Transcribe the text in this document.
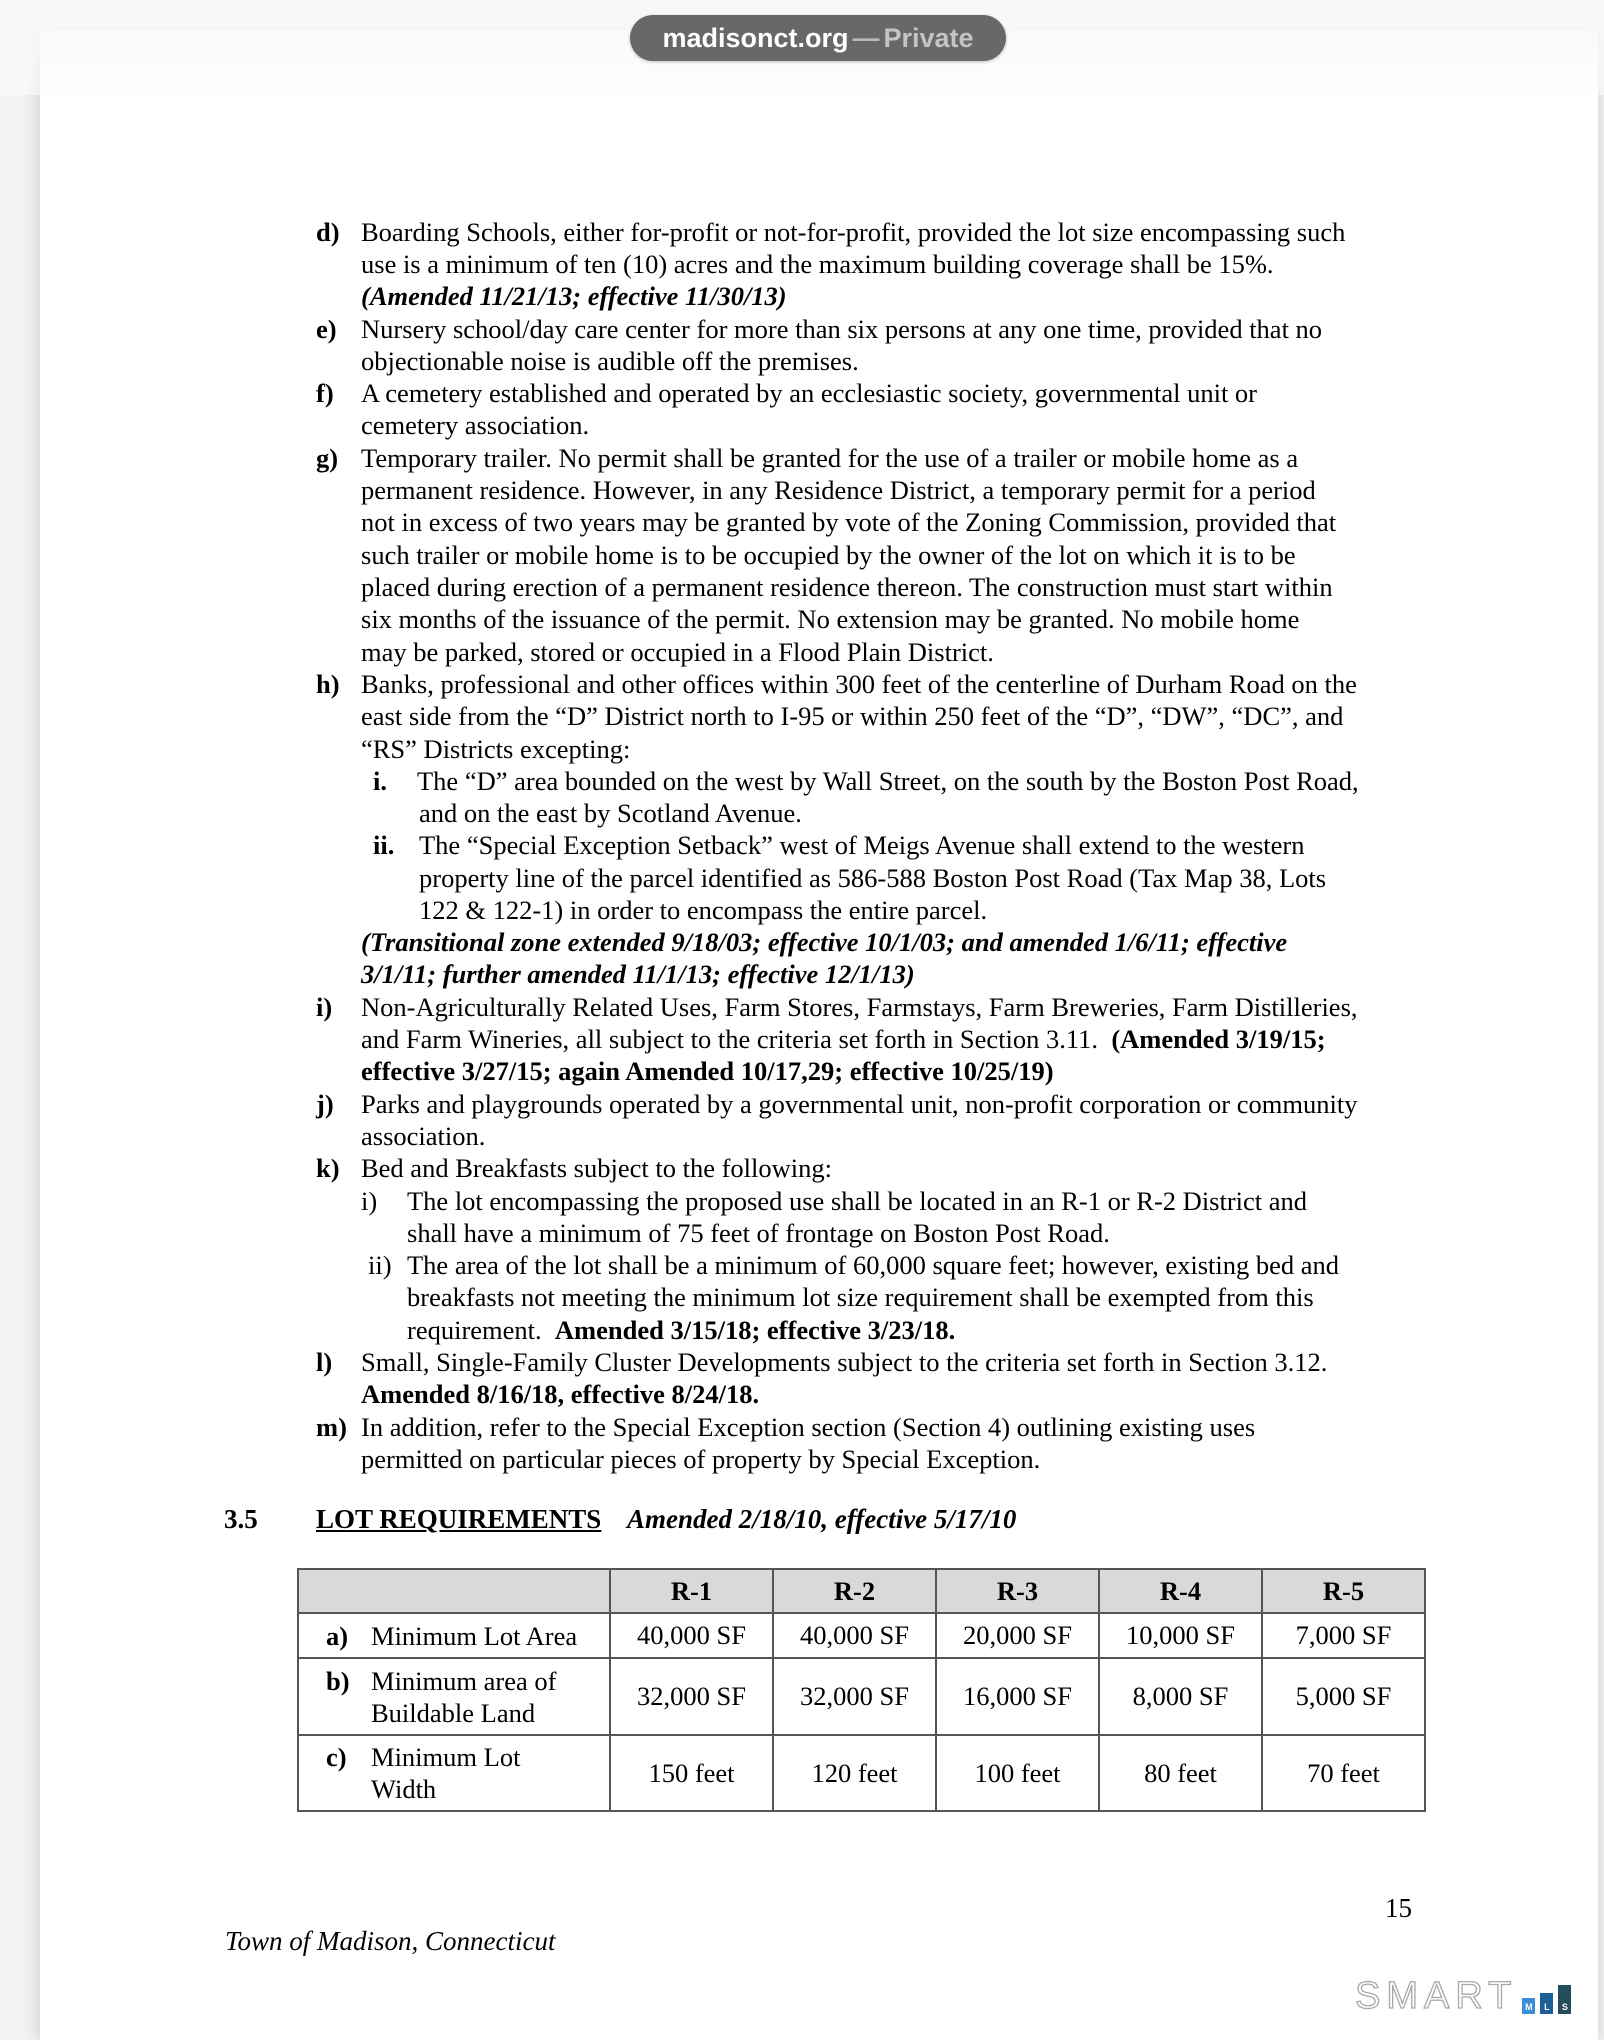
madisonct.org — Private
d) Boarding Schools, either for-profit or not-for-profit, provided the lot size encompassing such
use is a minimum of ten (10) acres and the maximum building coverage shall be 15%.
(Amended 11/21/13; effective 11/30/13)
e) Nursery school/day care center for more than six persons at any one time, provided that no
objectionable noise is audible off the premises.
f) A cemetery established and operated by an ecclesiastic society, governmental unit or
cemetery association.
g) Temporary trailer. No permit shall be granted for the use of a trailer or mobile home as a
permanent residence. However, in any Residence District, a temporary permit for a period
not in excess of two years may be granted by vote of the Zoning Commission, provided that
such trailer or mobile home is to be occupied by the owner of the lot on which it is to be
placed during erection of a permanent residence thereon. The construction must start within
six months of the issuance of the permit. No extension may be granted. No mobile home
may be parked, stored or occupied in a Flood Plain District.
h) Banks, professional and other offices within 300 feet of the centerline of Durham Road on the
east side from the “D” District north to I-95 or within 250 feet of the “D”, “DW”, “DC”, and
“RS” Districts excepting:
i. The “D” area bounded on the west by Wall Street, on the south by the Boston Post Road,
and on the east by Scotland Avenue.
ii. The “Special Exception Setback” west of Meigs Avenue shall extend to the western
property line of the parcel identified as 586-588 Boston Post Road (Tax Map 38, Lots
122 & 122-1) in order to encompass the entire parcel.
(Transitional zone extended 9/18/03; effective 10/1/03; and amended 1/6/11; effective
3/1/11; further amended 11/1/13; effective 12/1/13)
i) Non-Agriculturally Related Uses, Farm Stores, Farmstays, Farm Breweries, Farm Distilleries,
and Farm Wineries, all subject to the criteria set forth in Section 3.11.  (Amended 3/19/15;
effective 3/27/15; again Amended 10/17,29; effective 10/25/19)
j) Parks and playgrounds operated by a governmental unit, non-profit corporation or community
association.
k) Bed and Breakfasts subject to the following:
i) The lot encompassing the proposed use shall be located in an R-1 or R-2 District and
shall have a minimum of 75 feet of frontage on Boston Post Road.
ii) The area of the lot shall be a minimum of 60,000 square feet; however, existing bed and
breakfasts not meeting the minimum lot size requirement shall be exempted from this
requirement.  Amended 3/15/18; effective 3/23/18.
l) Small, Single-Family Cluster Developments subject to the criteria set forth in Section 3.12.
Amended 8/16/18, effective 8/24/18.
m) In addition, refer to the Special Exception section (Section 4) outlining existing uses
permitted on particular pieces of property by Special Exception.
3.5 LOT REQUIREMENTS Amended 2/18/10, effective 5/17/10
	R-1	R-2	R-3	R-4	R-5

a) Minimum Lot Area	40,000 SF	40,000 SF	20,000 SF	10,000 SF	7,000 SF

b) Minimum area of
Buildable Land	32,000 SF	32,000 SF	16,000 SF	8,000 SF	5,000 SF

c) Minimum Lot
Width	150 feet	120 feet	100 feet	80 feet	70 feet
15
Town of Madison, Connecticut
SMART M	L	S
